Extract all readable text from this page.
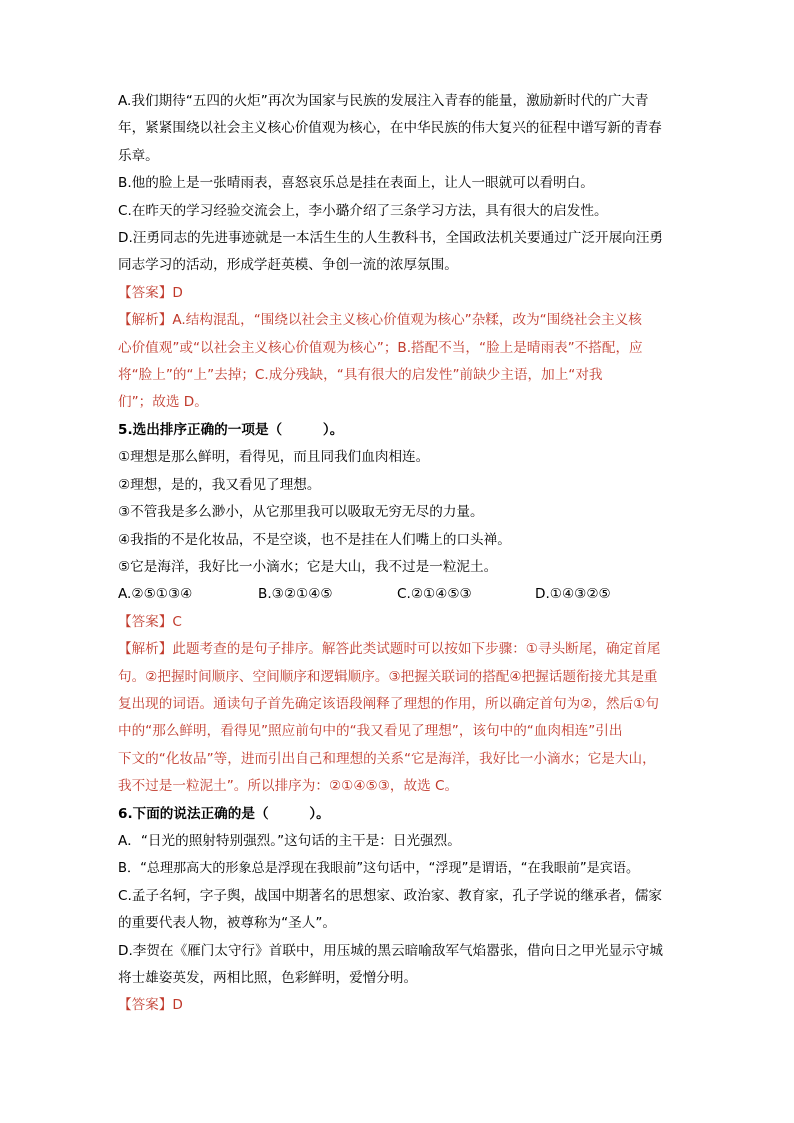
A.我们期待“五四的火炬”再次为国家与民族的发展注入青春的能量，激励新时代的广大青

年，紧紧围绕以社会主义核心价值观为核心，在中华民族的伟大复兴的征程中谱写新的青春

乐章。

B.他的脸上是一张晴雨表，喜怒哀乐总是挂在表面上，让人一眼就可以看明白。

C.在昨天的学习经验交流会上，李小璐介绍了三条学习方法，具有很大的启发性。

D.汪勇同志的先进事迹就是一本活生生的人生教科书，全国政法机关要通过广泛开展向汪勇

同志学习的活动，形成学赶英模、争创一流的浓厚氛围。

【答案】D

【解析】A.结构混乱，“围绕以社会主义核心价值观为核心”杂糅，改为“围绕社会主义核

心价值观”或“以社会主义核心价值观为核心”；B.搭配不当，“脸上是晴雨表”不搭配，应

将“脸上”的“上”去掉；C.成分残缺，“具有很大的启发性”前缺少主语，加上“对我

们”；故选 D。

5.选出排序正确的一项是（　　　）。

①理想是那么鲜明，看得见，而且同我们血肉相连。

②理想，是的，我又看见了理想。

③不管我是多么渺小，从它那里我可以吸取无穷无尽的力量。

④我指的不是化妆品，不是空谈，也不是挂在人们嘴上的口头禅。

⑤它是海洋，我好比一小滴水；它是大山，我不过是一粒泥土。

A.②⑤①③④	B.③②①④⑤	C.②①④⑤③	D.①④③②⑤

【答案】C

【解析】此题考查的是句子排序。解答此类试题时可以按如下步骤：①寻头断尾，确定首尾

句。②把握时间顺序、空间顺序和逻辑顺序。③把握关联词的搭配④把握话题衔接尤其是重

复出现的词语。通读句子首先确定该语段阐释了理想的作用，所以确定首句为②，然后①句

中的“那么鲜明，看得见”照应前句中的“我又看见了理想”，该句中的“血肉相连”引出

下文的“化妆品”等，进而引出自己和理想的关系“它是海洋，我好比一小滴水；它是大山，

我不过是一粒泥土”。所以排序为：②①④⑤③，故选 C。

6.下面的说法正确的是（　　　）。

A．“日光的照射特别强烈。”这句话的主干是：日光强烈。

B．“总理那高大的形象总是浮现在我眼前”这句话中，“浮现”是谓语，“在我眼前”是宾语。

C.孟子名轲，字子舆，战国中期著名的思想家、政治家、教育家，孔子学说的继承者，儒家

的重要代表人物，被尊称为“圣人”。

D.李贺在《雁门太守行》首联中，用压城的黑云暗喻敌军气焰嚣张，借向日之甲光显示守城

将士雄姿英发，两相比照，色彩鲜明，爱憎分明。

【答案】D
